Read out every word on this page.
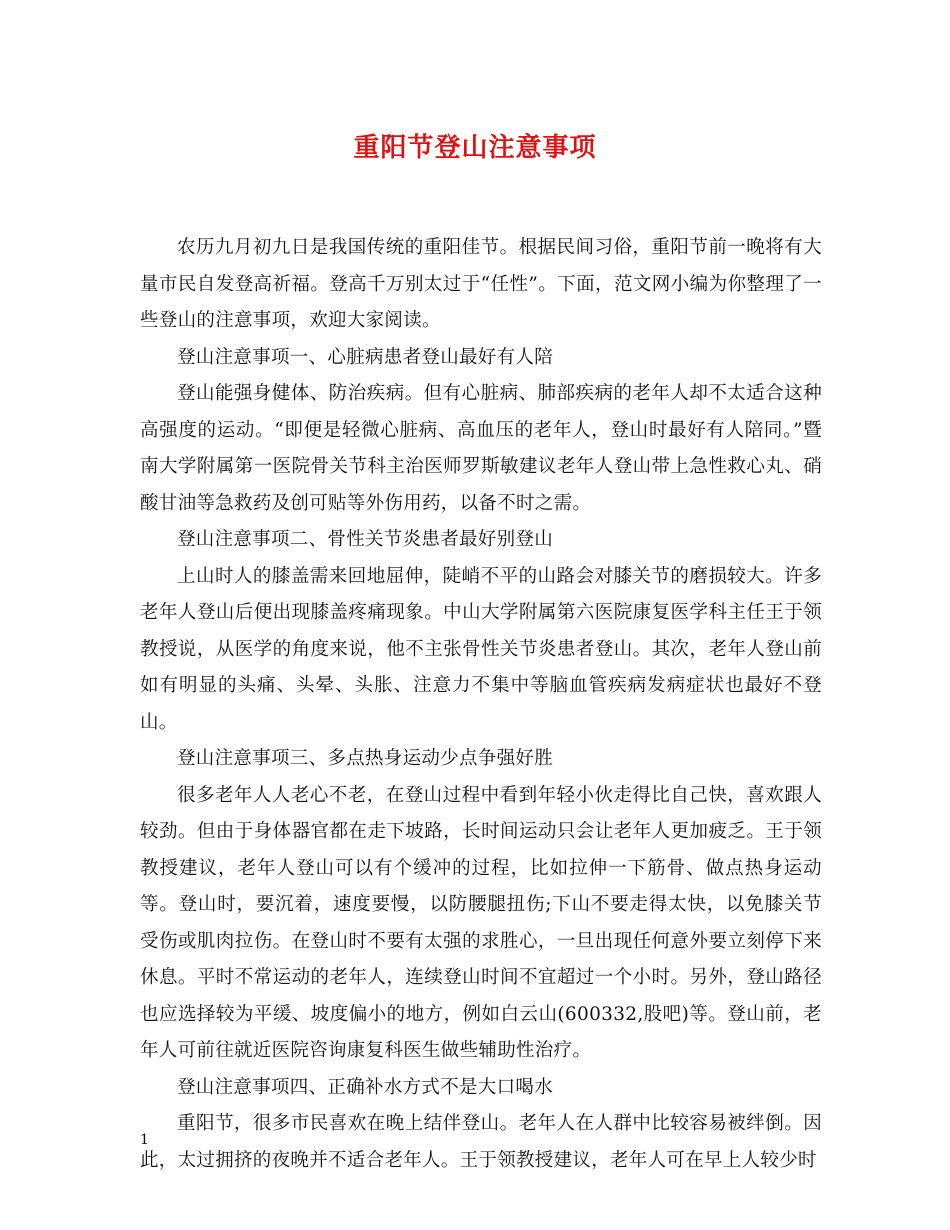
重阳节登山注意事项

农历九月初九日是我国传统的重阳佳节。根据民间习俗，重阳节前一晚将有大量市民自发登高祈福。登高千万别太过于“任性”。下面，范文网小编为你整理了一些登山的注意事项，欢迎大家阅读。

登山注意事项一、心脏病患者登山最好有人陪

登山能强身健体、防治疾病。但有心脏病、肺部疾病的老年人却不太适合这种高强度的运动。“即便是轻微心脏病、高血压的老年人，登山时最好有人陪同。”暨南大学附属第一医院骨关节科主治医师罗斯敏建议老年人登山带上急性救心丸、硝酸甘油等急救药及创可贴等外伤用药，以备不时之需。

登山注意事项二、骨性关节炎患者最好别登山

上山时人的膝盖需来回地屈伸，陡峭不平的山路会对膝关节的磨损较大。许多老年人登山后便出现膝盖疼痛现象。中山大学附属第六医院康复医学科主任王于领教授说，从医学的角度来说，他不主张骨性关节炎患者登山。其次，老年人登山前如有明显的头痛、头晕、头胀、注意力不集中等脑血管疾病发病症状也最好不登山。

登山注意事项三、多点热身运动少点争强好胜

很多老年人人老心不老，在登山过程中看到年轻小伙走得比自己快，喜欢跟人较劲。但由于身体器官都在走下坡路，长时间运动只会让老年人更加疲乏。王于领教授建议，老年人登山可以有个缓冲的过程，比如拉伸一下筋骨、做点热身运动等。登山时，要沉着，速度要慢，以防腰腿扭伤;下山不要走得太快，以免膝关节受伤或肌肉拉伤。在登山时不要有太强的求胜心，一旦出现任何意外要立刻停下来休息。平时不常运动的老年人，连续登山时间不宜超过一个小时。另外，登山路径也应选择较为平缓、坡度偏小的地方，例如白云山(600332,股吧)等。登山前，老年人可前往就近医院咨询康复科医生做些辅助性治疗。

登山注意事项四、正确补水方式不是大口喝水

重阳节，很多市民喜欢在晚上结伴登山。老年人在人群中比较容易被绊倒。因此，太过拥挤的夜晚并不适合老年人。王于领教授建议，老年人可在早上人较少时

1
